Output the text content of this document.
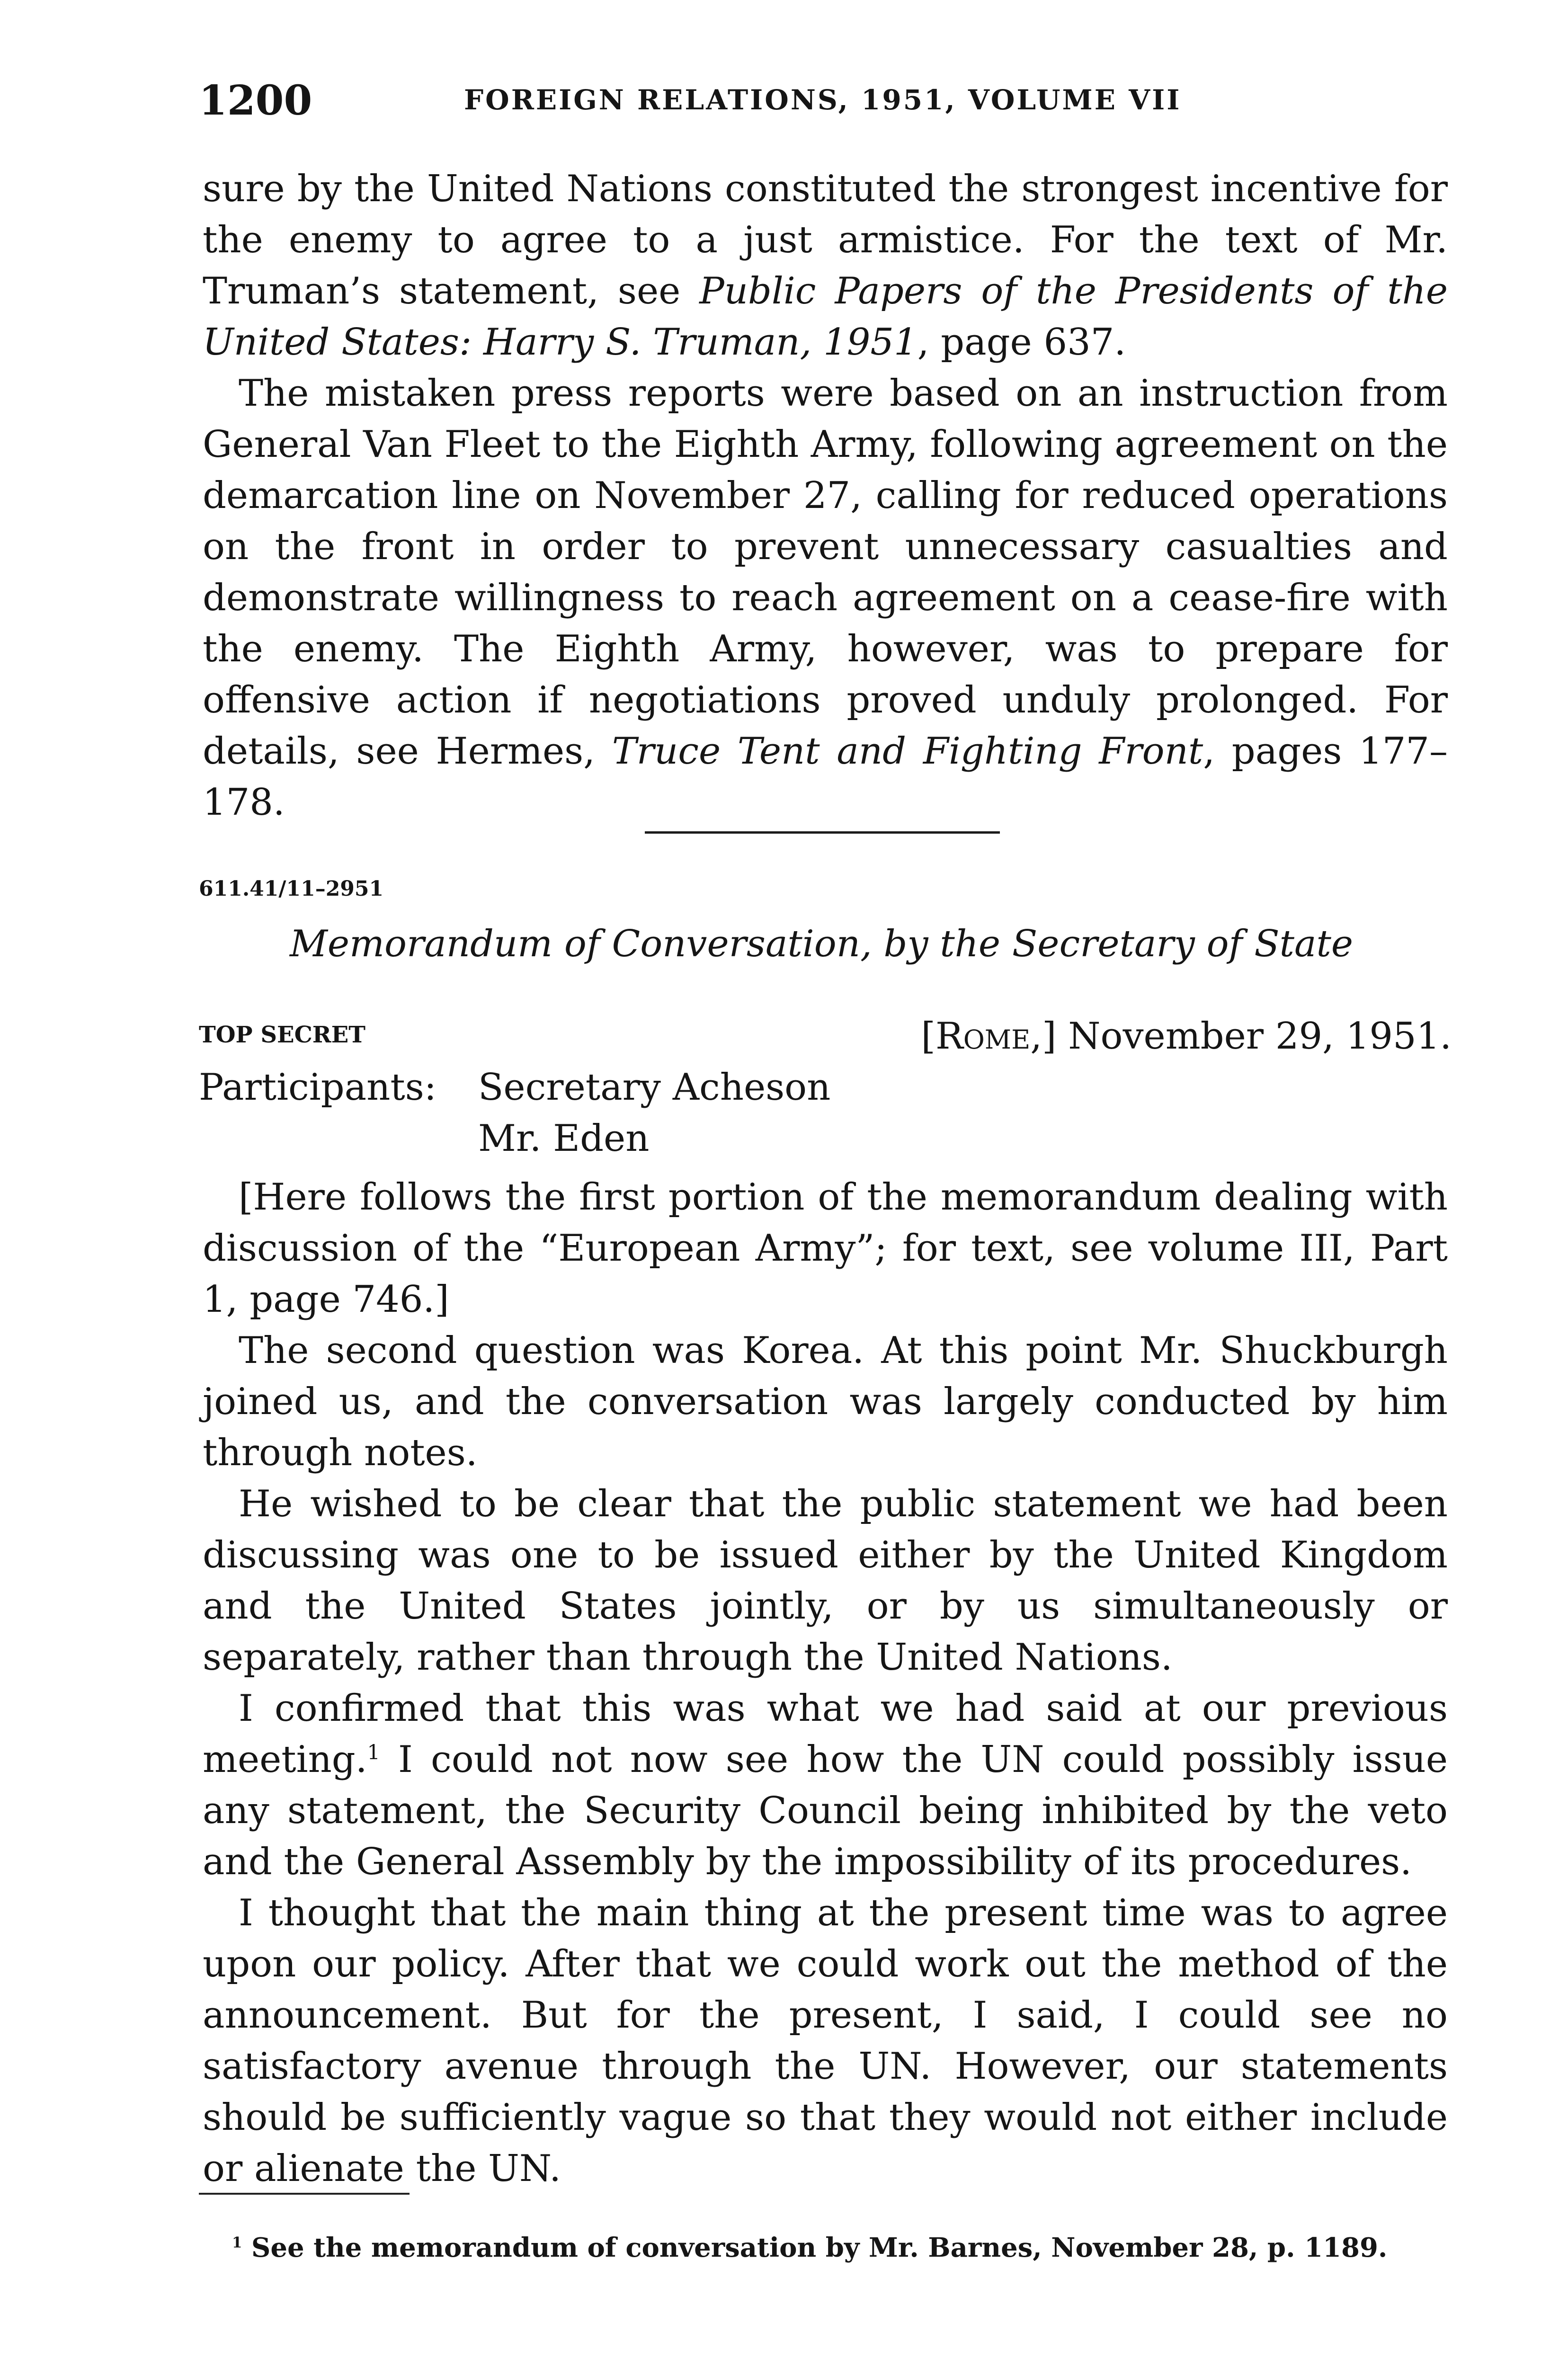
1200	FOREIGN RELATIONS, 1951, VOLUME VII

sure by the United Nations constituted the strongest incentive for the enemy to agree to a just armistice. For the text of Mr. Truman’s statement, see Public Papers of the Presidents of the United States: Harry S. Truman, 1951, page 637.

The mistaken press reports were based on an instruction from General Van Fleet to the Eighth Army, following agreement on the demarcation line on November 27, calling for reduced operations on the front in order to prevent unnecessary casualties and demonstrate willingness to reach agreement on a cease-fire with the enemy. The Eighth Army, however, was to prepare for offensive action if negotiations proved unduly prolonged. For details, see Hermes, Truce Tent and Fighting Front, pages 177–178.

611.41/11–2951
Memorandum of Conversation, by the Secretary of State
TOP SECRET	[Rome,] November 29, 1951.
Participants: Secretary Acheson
Mr. Eden

[Here follows the first portion of the memorandum dealing with discussion of the “European Army”; for text, see volume III, Part 1, page 746.]

The second question was Korea. At this point Mr. Shuckburgh joined us, and the conversation was largely conducted by him through notes.

He wished to be clear that the public statement we had been discussing was one to be issued either by the United Kingdom and the United States jointly, or by us simultaneously or separately, rather than through the United Nations.

I confirmed that this was what we had said at our previous meeting.$^1$ I could not now see how the UN could possibly issue any statement, the Security Council being inhibited by the veto and the General Assembly by the impossibility of its procedures.

I thought that the main thing at the present time was to agree upon our policy. After that we could work out the method of the announcement. But for the present, I said, I could see no satisfactory avenue through the UN. However, our statements should be sufficiently vague so that they would not either include or alienate the UN.

$^1$ See the memorandum of conversation by Mr. Barnes, November 28, p. 1189.
